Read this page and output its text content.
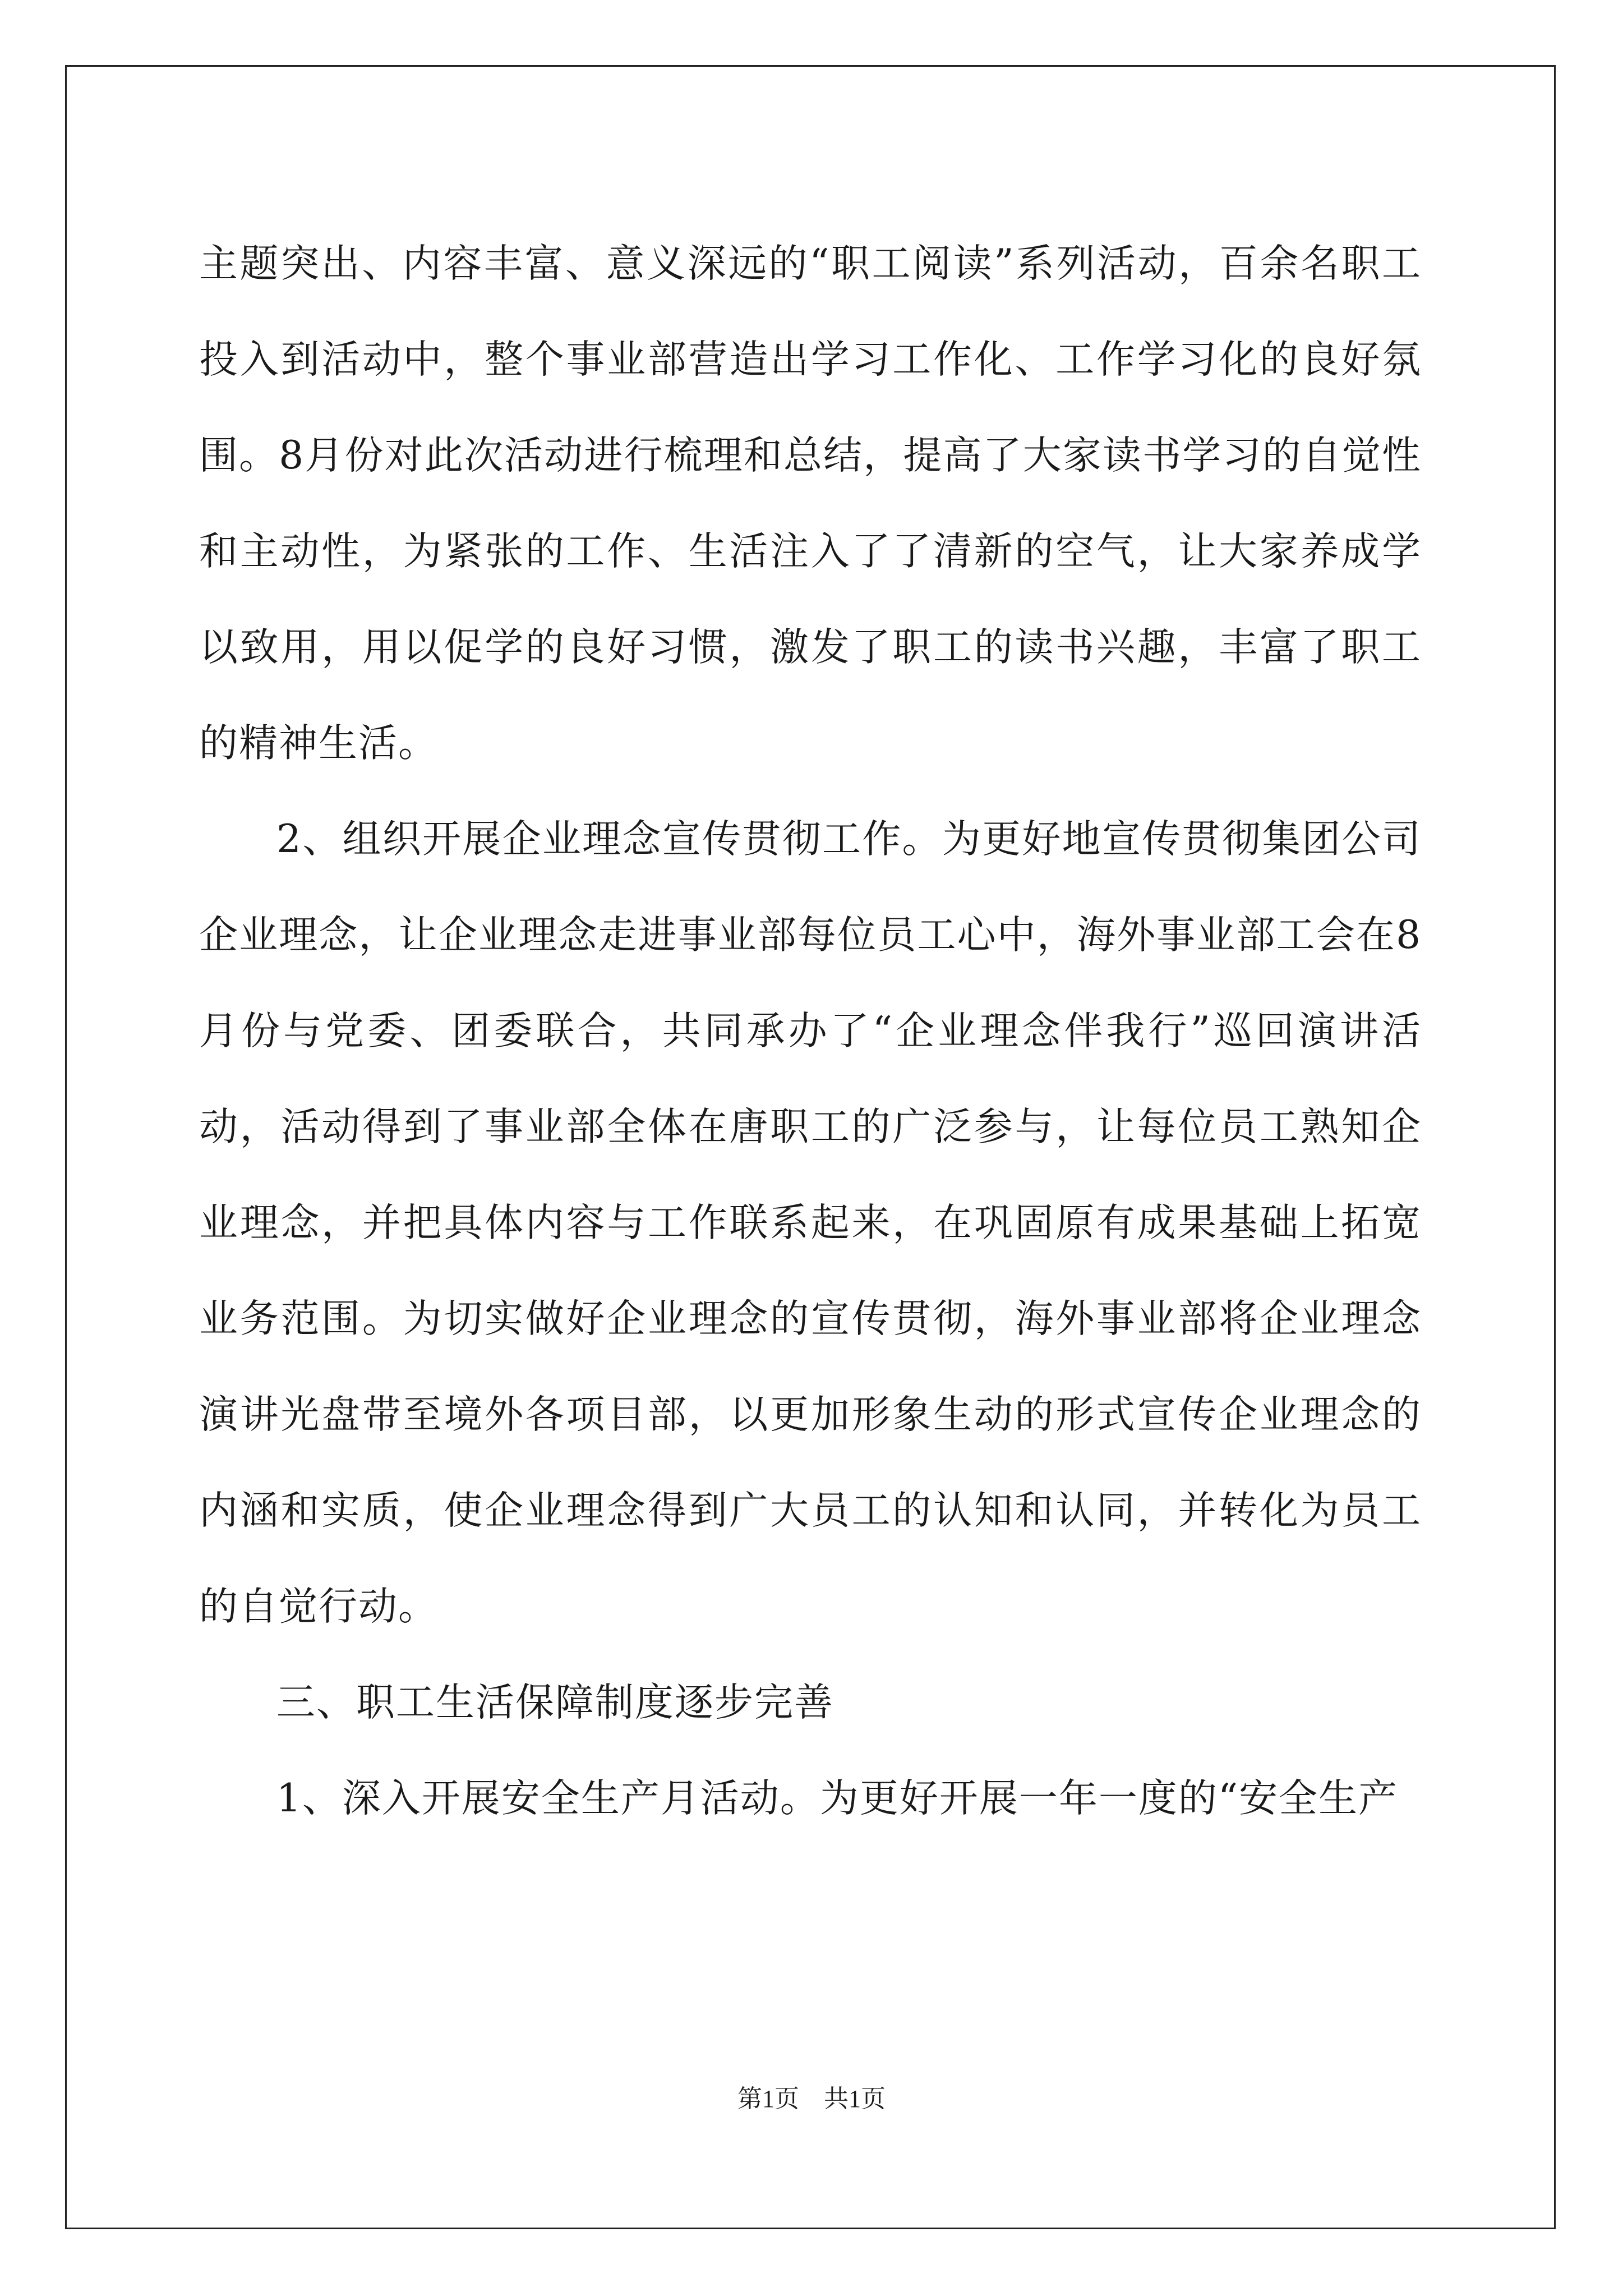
主题突出、内容丰富、意义深远的“职工阅读”系列活动，百余名职工投入到活动中，整个事业部营造出学习工作化、工作学习化的良好氛围。8月份对此次活动进行梳理和总结，提高了大家读书学习的自觉性和主动性，为紧张的工作、生活注入了了清新的空气，让大家养成学以致用，用以促学的良好习惯，激发了职工的读书兴趣，丰富了职工的精神生活。

2、组织开展企业理念宣传贯彻工作。为更好地宣传贯彻集团公司企业理念，让企业理念走进事业部每位员工心中，海外事业部工会在8月份与党委、团委联合，共同承办了“企业理念伴我行”巡回演讲活动，活动得到了事业部全体在唐职工的广泛参与，让每位员工熟知企业理念，并把具体内容与工作联系起来，在巩固原有成果基础上拓宽业务范围。为切实做好企业理念的宣传贯彻，海外事业部将企业理念演讲光盘带至境外各项目部，以更加形象生动的形式宣传企业理念的内涵和实质，使企业理念得到广大员工的认知和认同，并转化为员工的自觉行动。

三、职工生活保障制度逐步完善

1、深入开展安全生产月活动。为更好开展一年一度的“安全生产

第1页　共1页
